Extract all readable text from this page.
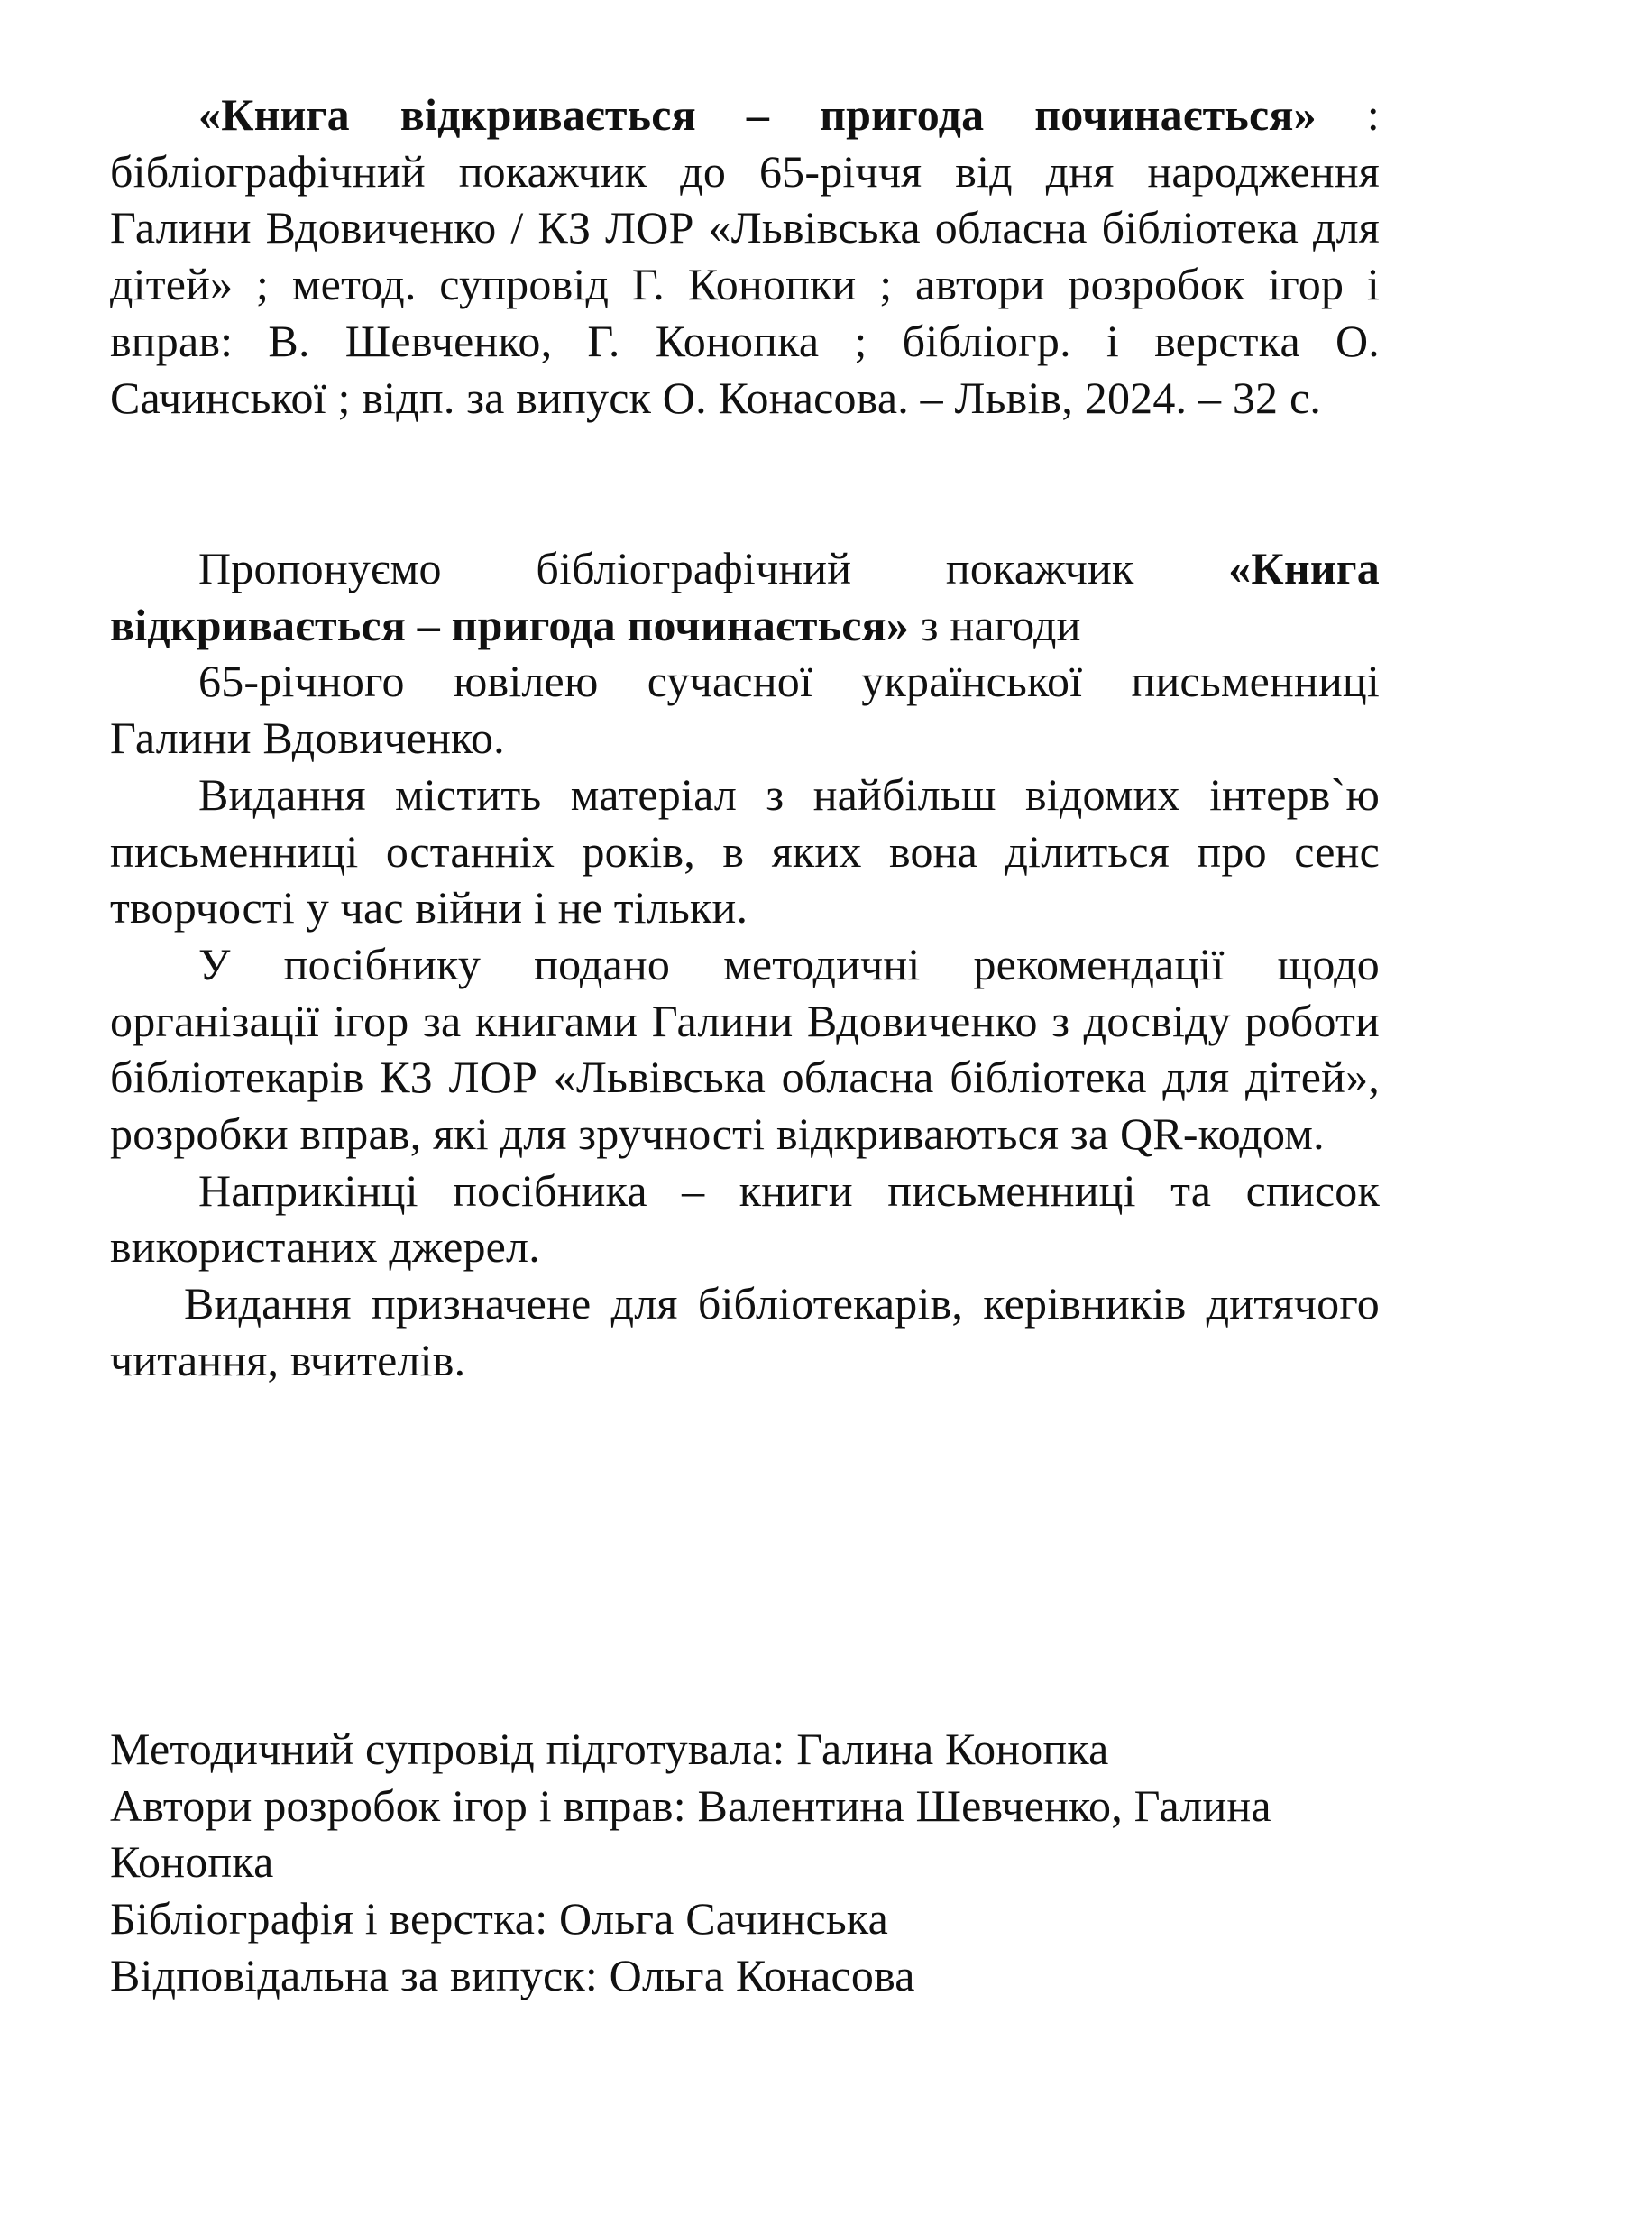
«Книга відкривається – пригода починається» : бібліографічний покажчик до 65-річчя від дня народження Галини Вдовиченко / КЗ ЛОР «Львівська обласна бібліотека для дітей» ; метод. супровід Г. Конопки ; автори розробок ігор і вправ: В. Шевченко, Г. Конопка ; бібліогр. і верстка О. Сачинської ; відп. за випуск О. Конасова. – Львів, 2024. – 32 с.

Пропонуємо бібліографічний покажчик «Книга відкривається – пригода починається» з нагоди
65-річного ювілею сучасної української письменниці Галини Вдовиченко.

Видання містить матеріал з найбільш відомих інтерв`ю письменниці останніх років, в яких вона ділиться про сенс творчості у час війни і не тільки.

У посібнику подано методичні рекомендації щодо організації ігор за книгами Галини Вдовиченко з досвіду роботи бібліотекарів КЗ ЛОР «Львівська обласна бібліотека для дітей», розробки вправ, які для зручності відкриваються за QR-кодом.

Наприкінці посібника – книги письменниці та список використаних джерел.

Видання призначене для бібліотекарів, керівників дитячого читання, вчителів.

Методичний супровід підготувала: Галина Конопка

Автори розробок ігор і вправ: Валентина Шевченко, Галина Конопка

Бібліографія і верстка: Ольга Сачинська

Відповідальна за випуск: Ольга Конасова
